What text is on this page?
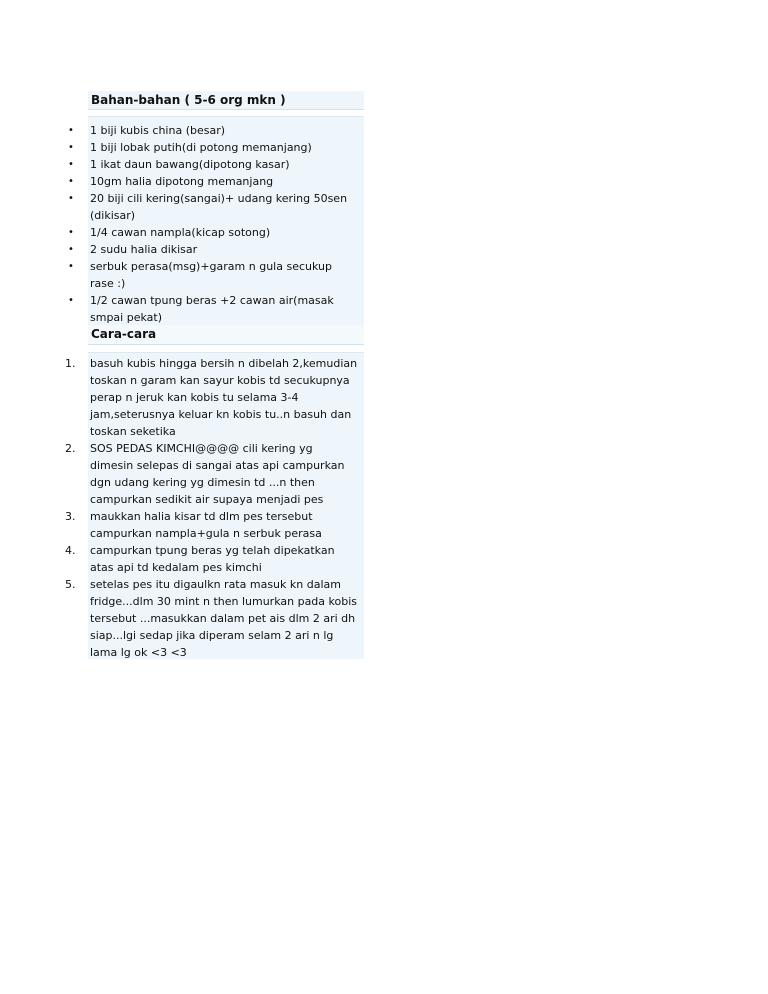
Bahan-bahan ( 5-6 org mkn )
• 1 biji kubis china (besar)
• 1 biji lobak putih(di potong memanjang)
• 1 ikat daun bawang(dipotong kasar)
• 10gm halia dipotong memanjang
• 20 biji cili kering(sangai)+ udang kering 50sen (dikisar)
• 1/4 cawan nampla(kicap sotong)
• 2 sudu halia dikisar
• serbuk perasa(msg)+garam n gula secukup rase :)
• 1/2 cawan tpung beras +2 cawan air(masak smpai pekat)
Cara-cara
1. basuh kubis hingga bersih n dibelah 2,kemudian toskan n garam kan sayur kobis td secukupnya perap n jeruk kan kobis tu selama 3-4 jam,seterusnya keluar kn kobis tu..n basuh dan toskan seketika
2. SOS PEDAS KIMCHI@@@@ cili kering yg dimesin selepas di sangai atas api campurkan dgn udang kering yg dimesin td ...n then campurkan sedikit air supaya menjadi pes
3. maukkan halia kisar td dlm pes tersebut campurkan nampla+gula n serbuk perasa
4. campurkan tpung beras yg telah dipekatkan atas api td kedalam pes kimchi
5. setelas pes itu digaulkn rata masuk kn dalam fridge...dlm 30 mint n then lumurkan pada kobis tersebut ...masukkan dalam pet ais dlm 2 ari dh siap...lgi sedap jika diperam selam 2 ari n lg lama lg ok <3 <3
